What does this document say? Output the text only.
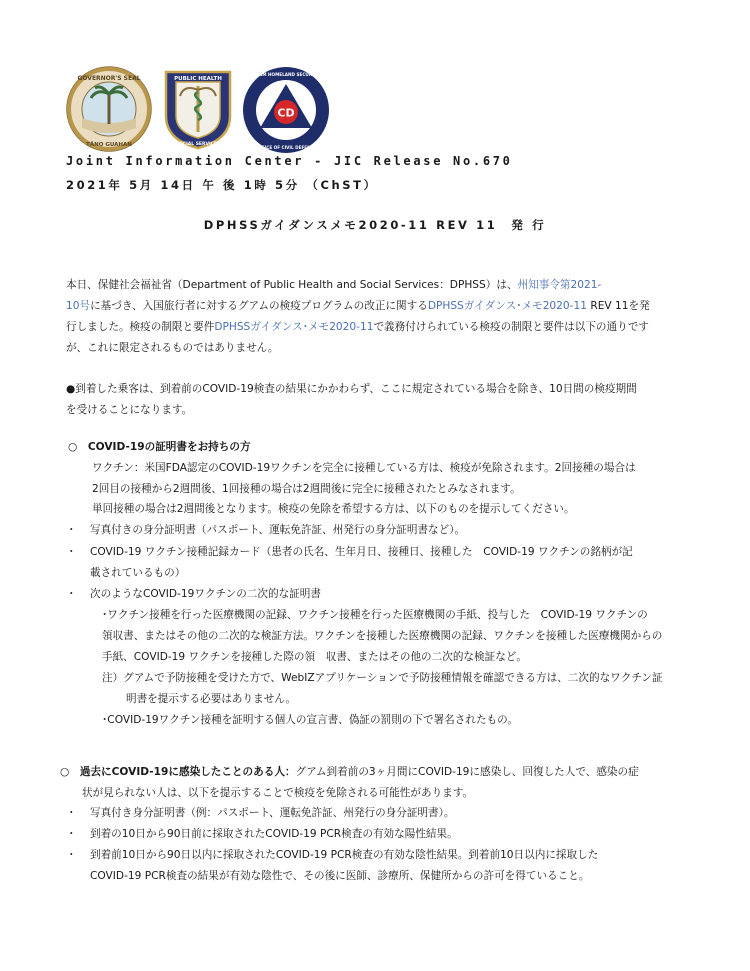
GOVERNOR'S SEAL
TÅNO GUAHAN
PUBLIC HEALTH
SOCIAL SERVICES
CD
GUAM HOMELAND SECURITY
OFFICE OF CIVIL DEFENSE
Joint Information Center - JIC Release No.670
2021年 5月 14日 午 後 1時 5分 （ChST）
DPHSSガイダンスメモ2020-11 REV 11　発 行
本日、保健社会福祉省（Department of Public Health and Social Services：DPHSS）は、州知事令第2021-
10号に基づき、入国旅行者に対するグアムの検疫プログラムの改正に関するDPHSSガイダンス･メモ2020-11 REV 11を発
行しました。検疫の制限と要件DPHSSガイダンス･メモ2020-11で義務付けられている検疫の制限と要件は以下の通りです
が、これに限定されるものではありません。
●到着した乗客は、到着前のCOVID-19検査の結果にかかわらず、ここに規定されている場合を除き、10日間の検疫期間
を受けることになります。
○　 COVID-19の証明書をお持ちの方
ワクチン：米国FDA認定のCOVID-19ワクチンを完全に接種している方は、検疫が免除されます。2回接種の場合は
2回目の接種から2週間後、1回接種の場合は2週間後に完全に接種されたとみなされます。
単回接種の場合は2週間後となります。検疫の免除を希望する方は、以下のものを提示してください。
・ 写真付きの身分証明書（パスポート、運転免許証、州発行の身分証明書など）。
・ COVID-19 ワクチン接種記録カード（患者の氏名、生年月日、接種日、接種した　COVID-19 ワクチンの銘柄が記
載されているもの）
・ 次のようなCOVID-19ワクチンの二次的な証明書
･ワクチン接種を行った医療機関の記録、ワクチン接種を行った医療機関の手紙、投与した　COVID-19 ワクチンの
領収書、またはその他の二次的な検証方法。ワクチンを接種した医療機関の記録、ワクチンを接種した医療機関からの
手紙、COVID-19 ワクチンを接種した際の領　収書、またはその他の二次的な検証など。
注）グアムで予防接種を受けた方で、WebIZアプリケーションで予防接種情報を確認できる方は、二次的なワクチン証
明書を提示する必要はありません。
･COVID-19ワクチン接種を証明する個人の宣言書、偽証の罰則の下で署名されたもの。
○　 過去にCOVID-19に感染したことのある人：グアム到着前の3ヶ月間にCOVID-19に感染し、回復した人で、感染の症
状が見られない人は、以下を提示することで検疫を免除される可能性があります。
・ 写真付き身分証明書（例：パスポート、運転免許証、州発行の身分証明書）。
・ 到着の10日から90日前に採取されたCOVID-19 PCR検査の有効な陽性結果。
・ 到着前10日から90日以内に採取されたCOVID-19 PCR検査の有効な陰性結果。到着前10日以内に採取した
COVID-19 PCR検査の結果が有効な陰性で、その後に医師、診療所、保健所からの許可を得ていること。
